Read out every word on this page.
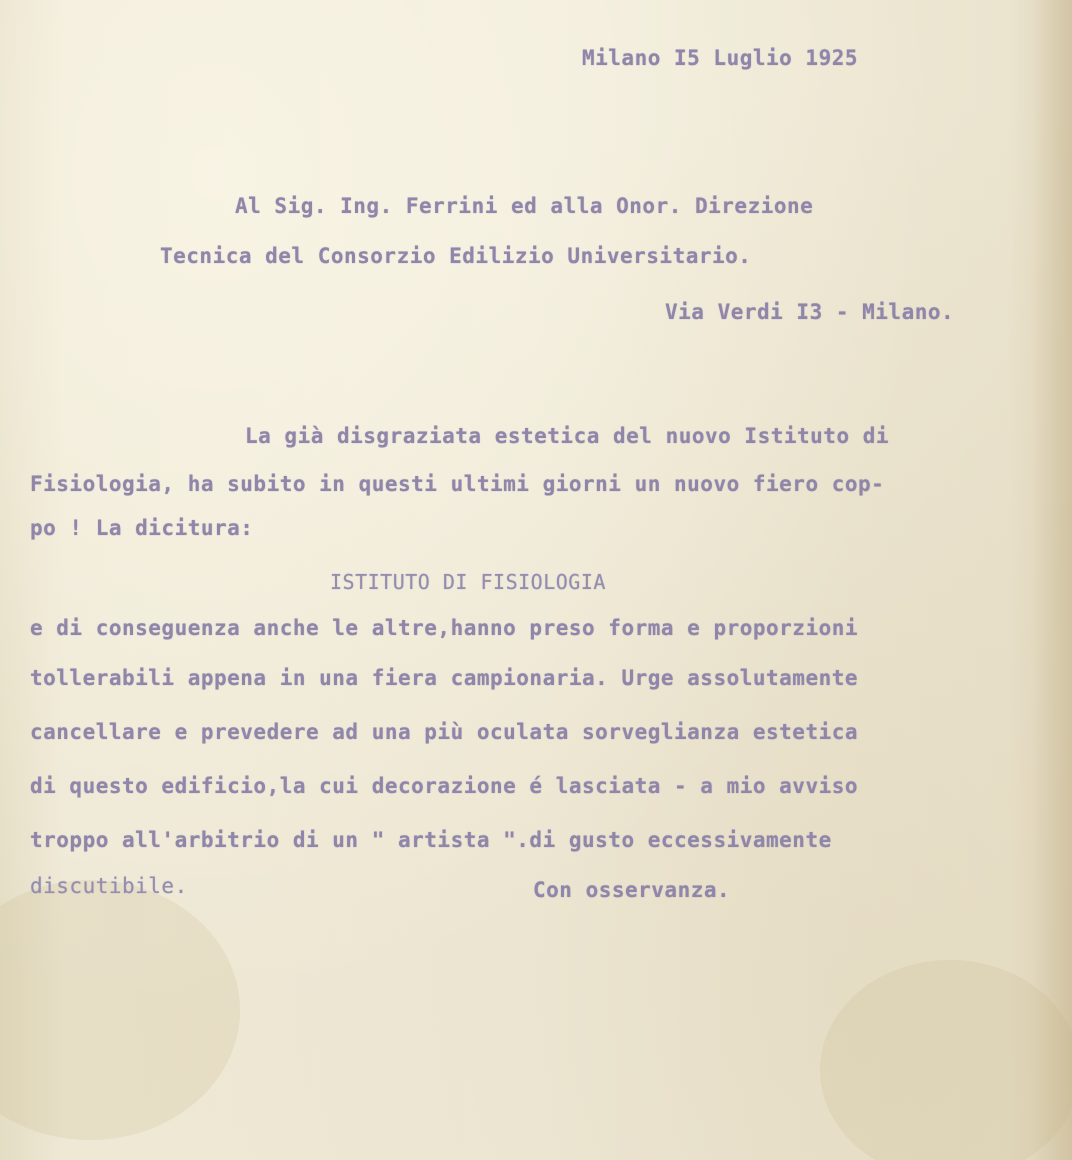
Milano I5 Luglio 1925

Al Sig. Ing. Ferrini ed alla Onor. Direzione

Tecnica del Consorzio Edilizio Universitario.

Via Verdi I3 - Milano.

La già disgraziata estetica del nuovo Istituto di

Fisiologia, ha subito in questi ultimi giorni un nuovo fiero cop-

po ! La dicitura:

ISTITUTO DI FISIOLOGIA

e di conseguenza anche le altre,hanno preso forma e proporzioni

tollerabili appena in una fiera campionaria. Urge assolutamente

cancellare e prevedere ad una più oculata sorveglianza estetica

di questo edificio,la cui decorazione é lasciata - a mio avviso

troppo all'arbitrio di un " artista ".di gusto eccessivamente

discutibile.	Con osservanza.
